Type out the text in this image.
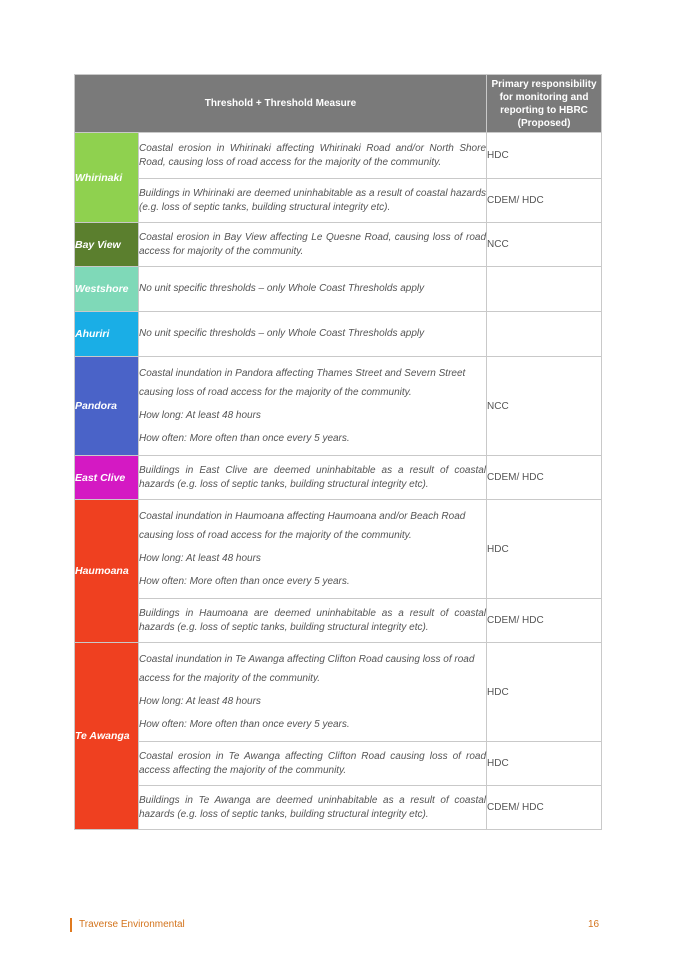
Threshold + Threshold Measure		Primary responsibility for monitoring and reporting to HBRC (Proposed)
Whirinaki	Coastal erosion in Whirinaki affecting Whirinaki Road and/or North Shore Road, causing loss of road access for the majority of the community.	HDC

	Buildings in Whirinaki are deemed uninhabitable as a result of coastal hazards (e.g. loss of septic tanks, building structural integrity etc).	CDEM/ HDC
Bay View	Coastal erosion in Bay View affecting Le Quesne Road, causing loss of road access for majority of the community.	NCC
Westshore	No unit specific thresholds – only Whole Coast Thresholds apply	

Ahuriri	No unit specific thresholds – only Whole Coast Thresholds apply	

Pandora	Coastal inundation in Pandora affecting Thames Street and Severn Street causing loss of road access for the majority of the community.

How long: At least 48 hours

How often: More often than once every 5 years.	NCC
East Clive	Buildings in East Clive are deemed uninhabitable as a result of coastal hazards (e.g. loss of septic tanks, building structural integrity etc).	CDEM/ HDC
Haumoana	Coastal inundation in Haumoana affecting Haumoana and/or Beach Road causing loss of road access for the majority of the community.

How long: At least 48 hours

How often: More often than once every 5 years.	HDC

	Buildings in Haumoana are deemed uninhabitable as a result of coastal hazards (e.g. loss of septic tanks, building structural integrity etc).	CDEM/ HDC
Te Awanga	Coastal inundation in Te Awanga affecting Clifton Road causing loss of road access for the majority of the community.

How long: At least 48 hours

How often: More often than once every 5 years.	HDC

	Coastal erosion in Te Awanga affecting Clifton Road causing loss of road access affecting the majority of the community.	HDC

	Buildings in Te Awanga are deemed uninhabitable as a result of coastal hazards (e.g. loss of septic tanks, building structural integrity etc).	CDEM/ HDC
Traverse Environmental	16
